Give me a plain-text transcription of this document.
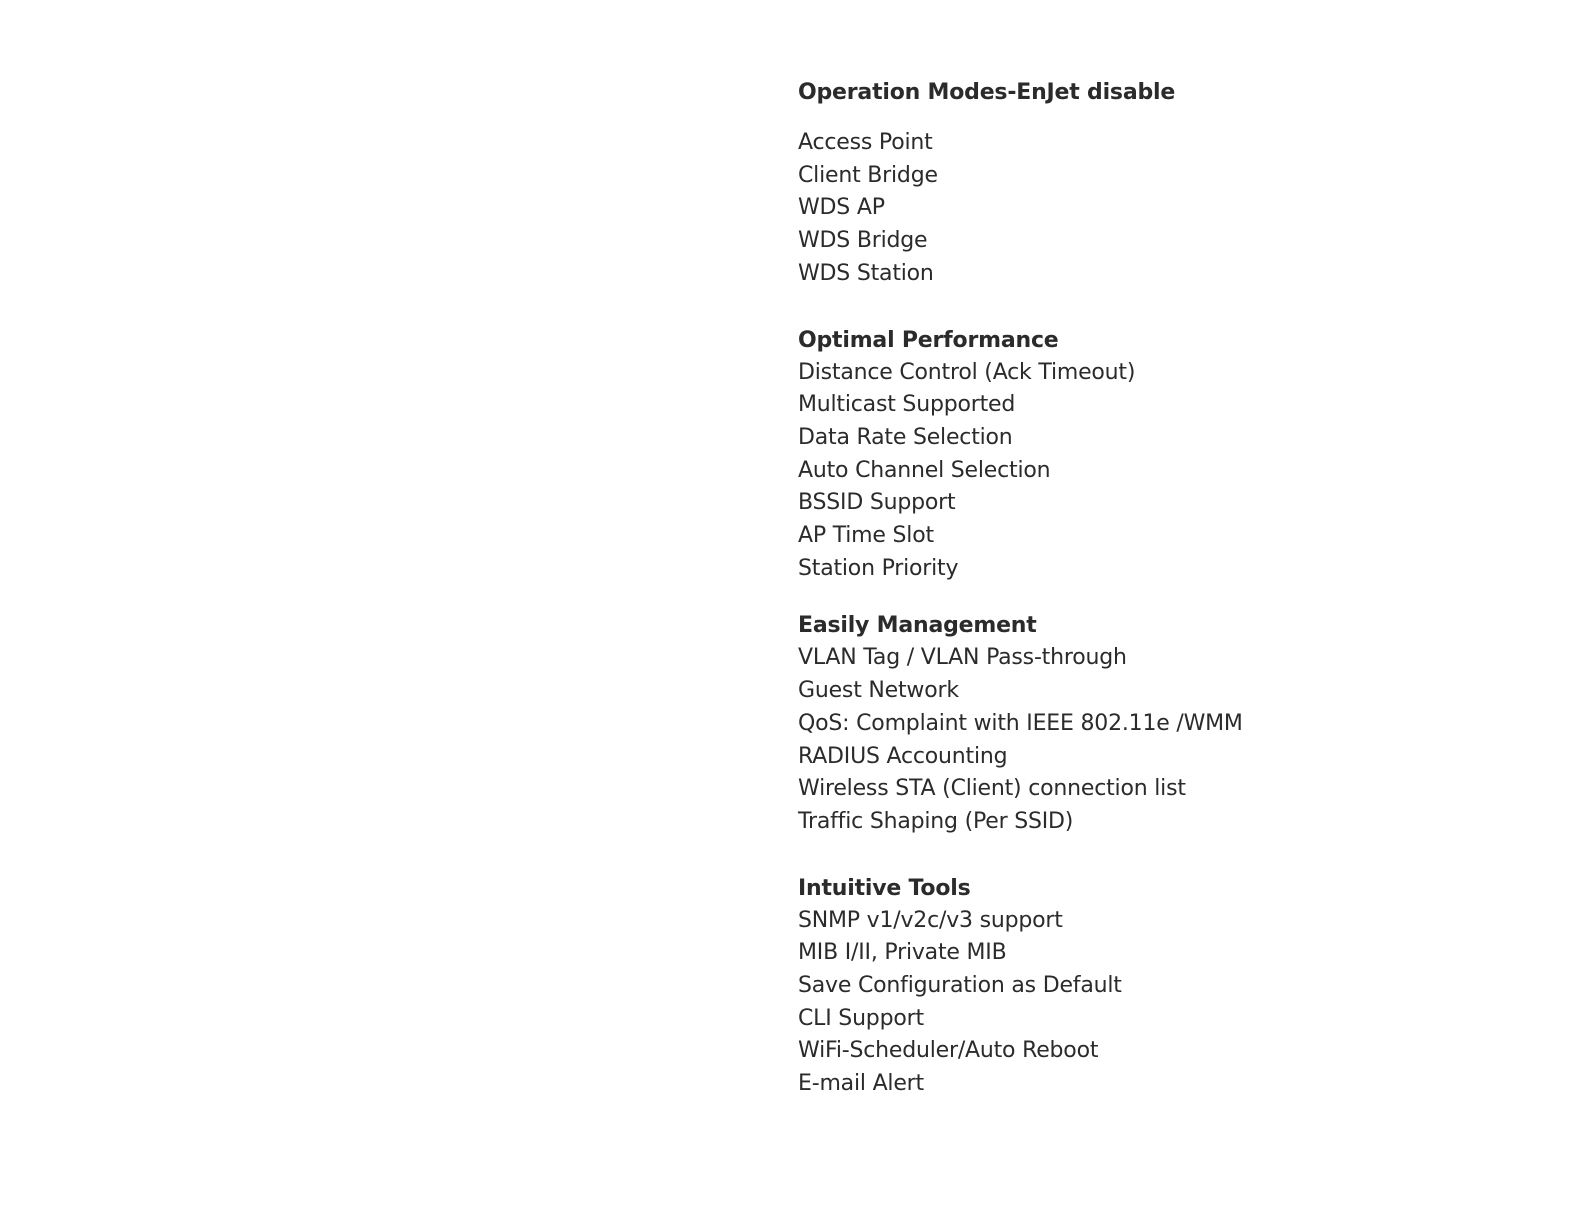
Operation Modes-EnJet disable
Access Point
Client Bridge
WDS AP
WDS Bridge
WDS Station
Optimal Performance
Distance Control (Ack Timeout)
Multicast Supported
Data Rate Selection
Auto Channel Selection
BSSID Support
AP Time Slot
Station Priority
Easily Management
VLAN Tag / VLAN Pass-through
Guest Network
QoS: Complaint with IEEE 802.11e /WMM
RADIUS Accounting
Wireless STA (Client) connection list
Traffic Shaping (Per SSID)
Intuitive Tools
SNMP v1/v2c/v3 support
MIB I/II, Private MIB
Save Configuration as Default
CLI Support
WiFi-Scheduler/Auto Reboot
E-mail Alert
